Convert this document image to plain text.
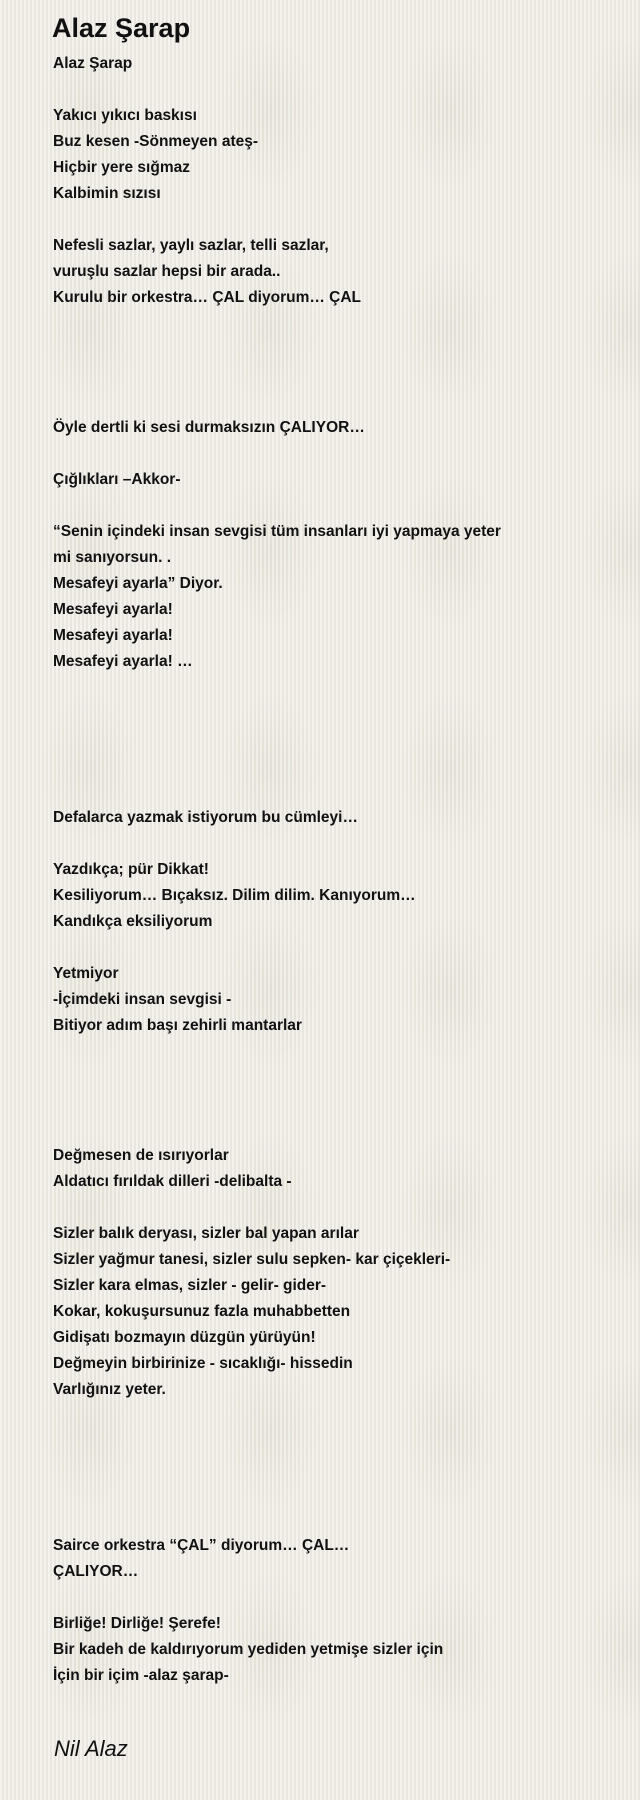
Alaz Şarap
Alaz Şarap
Yakıcı yıkıcı baskısı
Buz kesen -Sönmeyen ateş-
Hiçbir yere sığmaz
Kalbimin sızısı
Nefesli sazlar, yaylı sazlar, telli sazlar,
vuruşlu sazlar hepsi bir arada..
Kurulu bir orkestra… ÇAL diyorum… ÇAL
Öyle dertli ki sesi durmaksızın ÇALIYOR…
Çığlıkları –Akkor-
“Senin içindeki insan sevgisi tüm insanları iyi yapmaya yeter
mi sanıyorsun. .
Mesafeyi ayarla” Diyor.
Mesafeyi ayarla!
Mesafeyi ayarla!
Mesafeyi ayarla! …
Defalarca yazmak istiyorum bu cümleyi…
Yazdıkça; pür Dikkat!
Kesiliyorum… Bıçaksız. Dilim dilim. Kanıyorum…
Kandıkça eksiliyorum
Yetmiyor
-İçimdeki insan sevgisi -
Bitiyor adım başı zehirli mantarlar
Değmesen de ısırıyorlar
Aldatıcı fırıldak dilleri -delibalta -
Sizler balık deryası, sizler bal yapan arılar
Sizler yağmur tanesi, sizler sulu sepken- kar çiçekleri-
Sizler kara elmas, sizler - gelir- gider-
Kokar, kokuşursunuz fazla muhabbetten
Gidişatı bozmayın düzgün yürüyün!
Değmeyin birbirinize - sıcaklığı- hissedin
Varlığınız yeter.
Sairce orkestra “ÇAL” diyorum… ÇAL…
ÇALIYOR…
Birliğe! Dirliğe! Şerefe!
Bir kadeh de kaldırıyorum yediden yetmişe sizler için
İçin bir içim -alaz şarap-
Nil Alaz
